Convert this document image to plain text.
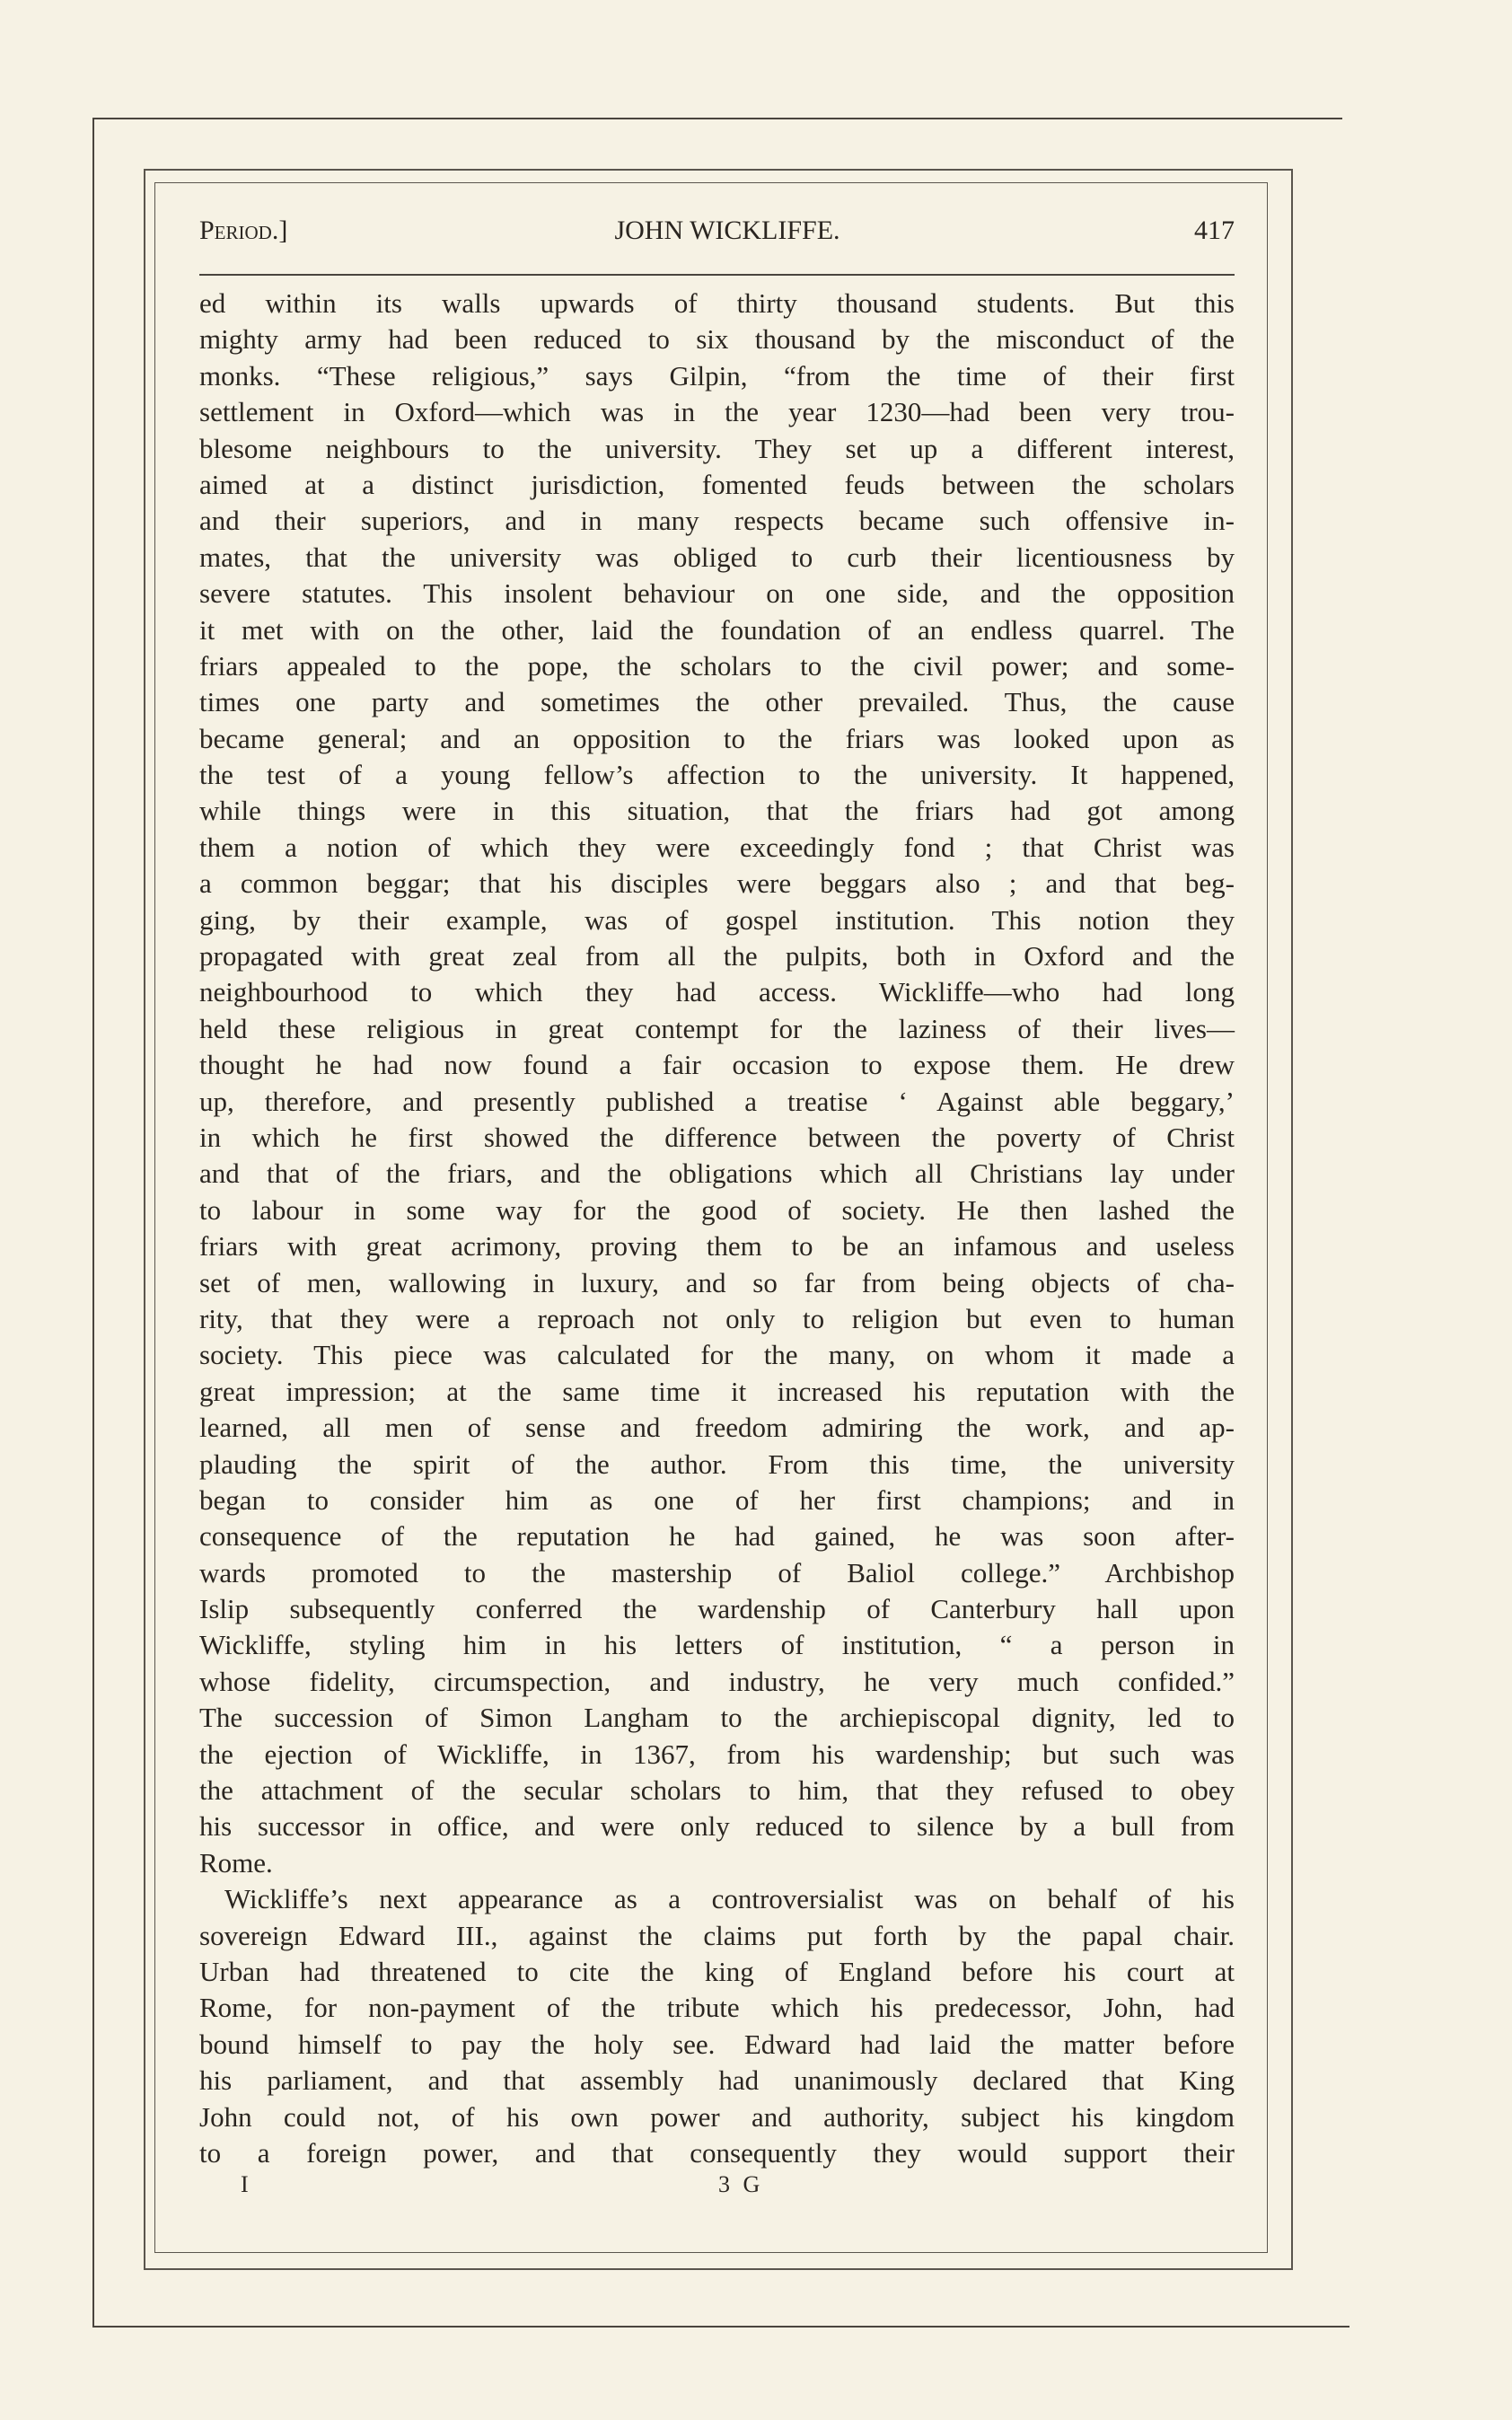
Period.]	JOHN WICKLIFFE.	417
ed within its walls upwards of thirty thousand students. But this
mighty army had been reduced to six thousand by the misconduct of the
monks. “These religious,” says Gilpin, “from the time of their first
settlement in Oxford—which was in the year 1230—had been very trou-
blesome neighbours to the university. They set up a different interest,
aimed at a distinct jurisdiction, fomented feuds between the scholars
and their superiors, and in many respects became such offensive in-
mates, that the university was obliged to curb their licentiousness by
severe statutes. This insolent behaviour on one side, and the opposition
it met with on the other, laid the foundation of an endless quarrel. The
friars appealed to the pope, the scholars to the civil power; and some-
times one party and sometimes the other prevailed. Thus, the cause
became general; and an opposition to the friars was looked upon as
the test of a young fellow’s affection to the university. It happened,
while things were in this situation, that the friars had got among
them a notion of which they were exceedingly fond ; that Christ was
a common beggar; that his disciples were beggars also ; and that beg-
ging, by their example, was of gospel institution. This notion they
propagated with great zeal from all the pulpits, both in Oxford and the
neighbourhood to which they had access. Wickliffe—who had long
held these religious in great contempt for the laziness of their lives—
thought he had now found a fair occasion to expose them. He drew
up, therefore, and presently published a treatise ‘ Against able beggary,’
in which he first showed the difference between the poverty of Christ
and that of the friars, and the obligations which all Christians lay under
to labour in some way for the good of society. He then lashed the
friars with great acrimony, proving them to be an infamous and useless
set of men, wallowing in luxury, and so far from being objects of cha-
rity, that they were a reproach not only to religion but even to human
society. This piece was calculated for the many, on whom it made a
great impression; at the same time it increased his reputation with the
learned, all men of sense and freedom admiring the work, and ap-
plauding the spirit of the author. From this time, the university
began to consider him as one of her first champions; and in
consequence of the reputation he had gained, he was soon after-
wards promoted to the mastership of Baliol college.” Archbishop
Islip subsequently conferred the wardenship of Canterbury hall upon
Wickliffe, styling him in his letters of institution, “ a person in
whose fidelity, circumspection, and industry, he very much confided.”
The succession of Simon Langham to the archiepiscopal dignity, led to
the ejection of Wickliffe, in 1367, from his wardenship; but such was
the attachment of the secular scholars to him, that they refused to obey
his successor in office, and were only reduced to silence by a bull from
Rome.
Wickliffe’s next appearance as a controversialist was on behalf of his
sovereign Edward III., against the claims put forth by the papal chair.
Urban had threatened to cite the king of England before his court at
Rome, for non-payment of the tribute which his predecessor, John, had
bound himself to pay the holy see. Edward had laid the matter before
his parliament, and that assembly had unanimously declared that King
John could not, of his own power and authority, subject his kingdom
to a foreign power, and that consequently they would support their
I	3 G
